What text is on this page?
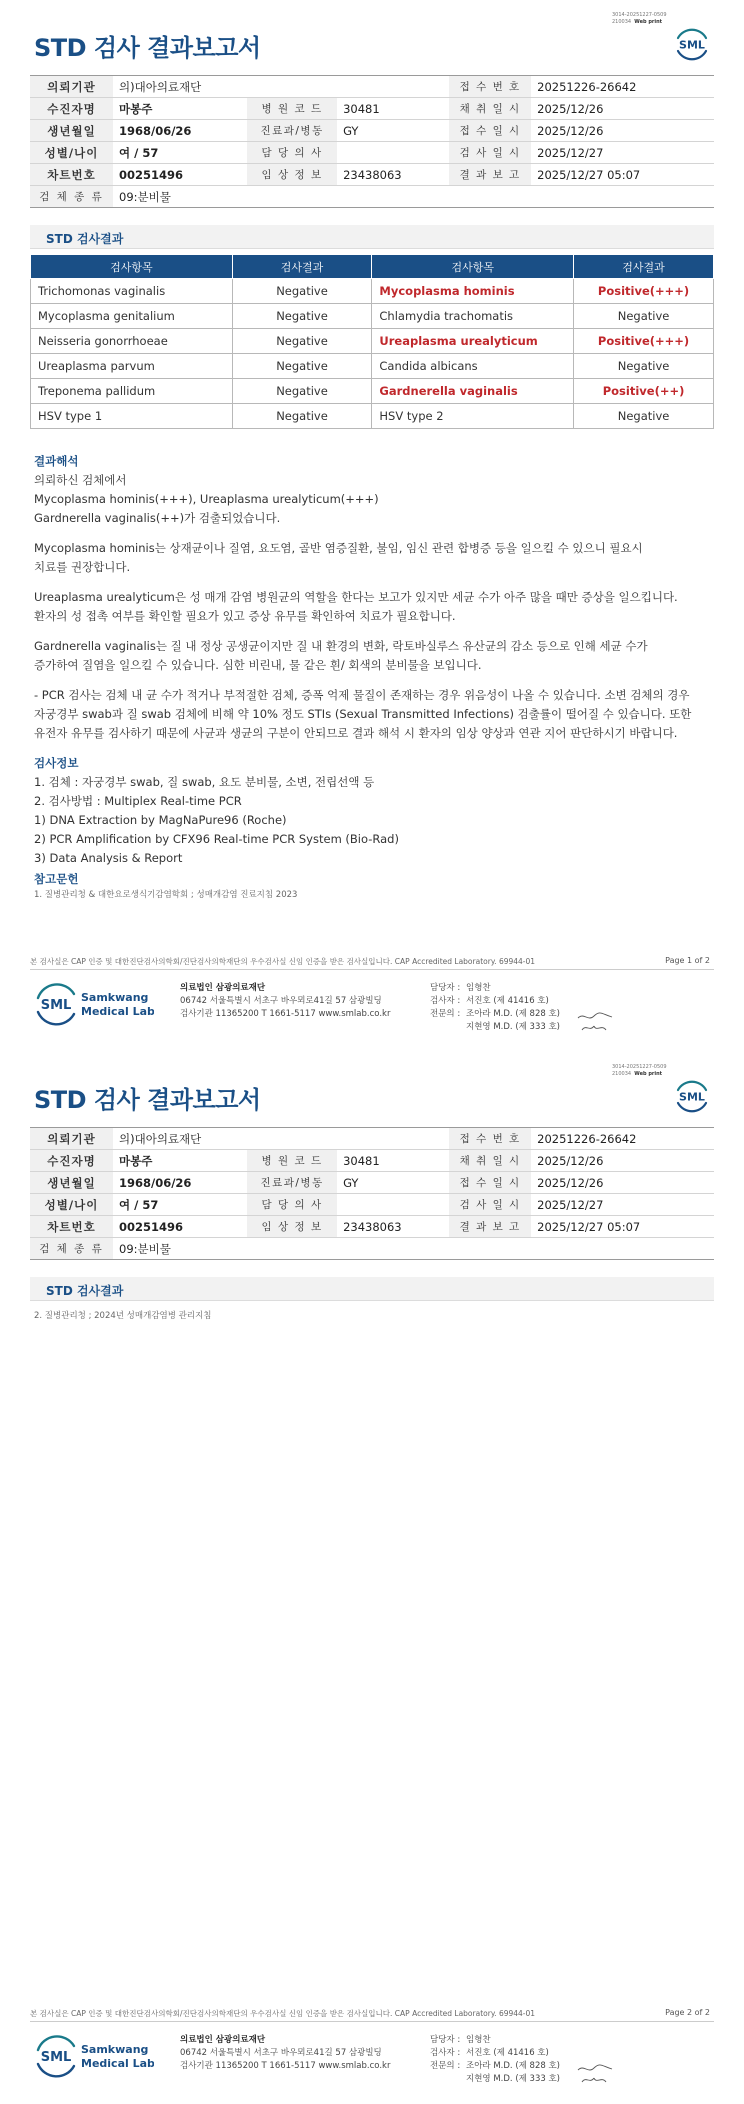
3014-20251227-0509
210034 Web print
STD 검사 결과보고서	SML
의뢰기관	의)대아의료재단			접 수 번 호	20251226-26642
수진자명	마봉주	병 원 코 드	30481	채 취 일 시	2025/12/26
생년월일	1968/06/26	진료과/병동	GY	접 수 일 시	2025/12/26
성별/나이	여 / 57	담 당 의 사		검 사 일 시	2025/12/27
차트번호	00251496	임 상 정 보	23438063	결 과 보 고	2025/12/27 05:07
검 체 종 류	09:분비물				
STD 검사결과
검사항목	검사결과	검사항목	검사결과
Trichomonas vaginalis	Negative	Mycoplasma hominis	Positive(+++)
Mycoplasma genitalium	Negative	Chlamydia trachomatis	Negative
Neisseria gonorrhoeae	Negative	Ureaplasma urealyticum	Positive(+++)
Ureaplasma parvum	Negative	Candida albicans	Negative
Treponema pallidum	Negative	Gardnerella vaginalis	Positive(++)
HSV type 1	Negative	HSV type 2	Negative
결과해석
의뢰하신 검체에서
Mycoplasma hominis(+++), Ureaplasma urealyticum(+++)
Gardnerella vaginalis(++)가 검출되었습니다.
Mycoplasma hominis는 상재균이나 질염, 요도염, 골반 염증질환, 불임, 임신 관련 합병증 등을 일으킬 수 있으니 필요시
치료를 권장합니다.
Ureaplasma urealyticum은 성 매개 감염 병원균의 역할을 한다는 보고가 있지만 세균 수가 아주 많을 때만 증상을 일으킵니다.
환자의 성 접촉 여부를 확인할 필요가 있고 증상 유무를 확인하여 치료가 필요합니다.
Gardnerella vaginalis는 질 내 정상 공생균이지만 질 내 환경의 변화, 락토바실루스 유산균의 감소 등으로 인해 세균 수가
증가하여 질염을 일으킬 수 있습니다. 심한 비린내, 물 같은 흰/ 회색의 분비물을 보입니다.
- PCR 검사는 검체 내 균 수가 적거나 부적절한 검체, 증폭 억제 물질이 존재하는 경우 위음성이 나올 수 있습니다. 소변 검체의 경우
자궁경부 swab과 질 swab 검체에 비해 약 10% 정도 STIs (Sexual Transmitted Infections) 검출률이 떨어질 수 있습니다. 또한
유전자 유무를 검사하기 때문에 사균과 생균의 구분이 안되므로 결과 해석 시 환자의 임상 양상과 연관 지어 판단하시기 바랍니다.
검사정보
1. 검체 : 자궁경부 swab, 질 swab, 요도 분비물, 소변, 전립선액 등
2. 검사방법 : Multiplex Real-time PCR
1) DNA Extraction by MagNaPure96 (Roche)
2) PCR Amplification by CFX96 Real-time PCR System (Bio-Rad)
3) Data Analysis & Report
참고문헌
1. 질병관리청 & 대한요로생식기감염학회 ; 성매개감염 진료지침 2023
본 검사실은 CAP 인증 및 대한진단검사의학회/진단검사의학재단의 우수검사실 신임 인증을 받은 검사실입니다. CAP Accredited Laboratory. 69944-01	Page 1 of 2
SML
Samkwang
Medical Lab
의료법인 삼광의료재단
06742 서울특별시 서초구 바우뫼로41길 57 삼광빌딩
검사기관 11365200 T 1661-5117 www.smlab.co.kr
담당자 : 임형찬
검사자 : 서진호 (제 41416 호)
전문의 : 조아라 M.D. (제 828 호)
지현영 M.D. (제 333 호)
3014-20251227-0509
210034 Web print
STD 검사 결과보고서	SML
의뢰기관	의)대아의료재단			접 수 번 호	20251226-26642
수진자명	마봉주	병 원 코 드	30481	채 취 일 시	2025/12/26
생년월일	1968/06/26	진료과/병동	GY	접 수 일 시	2025/12/26
성별/나이	여 / 57	담 당 의 사		검 사 일 시	2025/12/27
차트번호	00251496	임 상 정 보	23438063	결 과 보 고	2025/12/27 05:07
검 체 종 류	09:분비물				
STD 검사결과
2. 질병관리청 ; 2024년 성매개감염병 관리지침
본 검사실은 CAP 인증 및 대한진단검사의학회/진단검사의학재단의 우수검사실 신임 인증을 받은 검사실입니다. CAP Accredited Laboratory. 69944-01	Page 2 of 2
SML
Samkwang
Medical Lab
의료법인 삼광의료재단
06742 서울특별시 서초구 바우뫼로41길 57 삼광빌딩
검사기관 11365200 T 1661-5117 www.smlab.co.kr
담당자 : 임형찬
검사자 : 서진호 (제 41416 호)
전문의 : 조아라 M.D. (제 828 호)
지현영 M.D. (제 333 호)
